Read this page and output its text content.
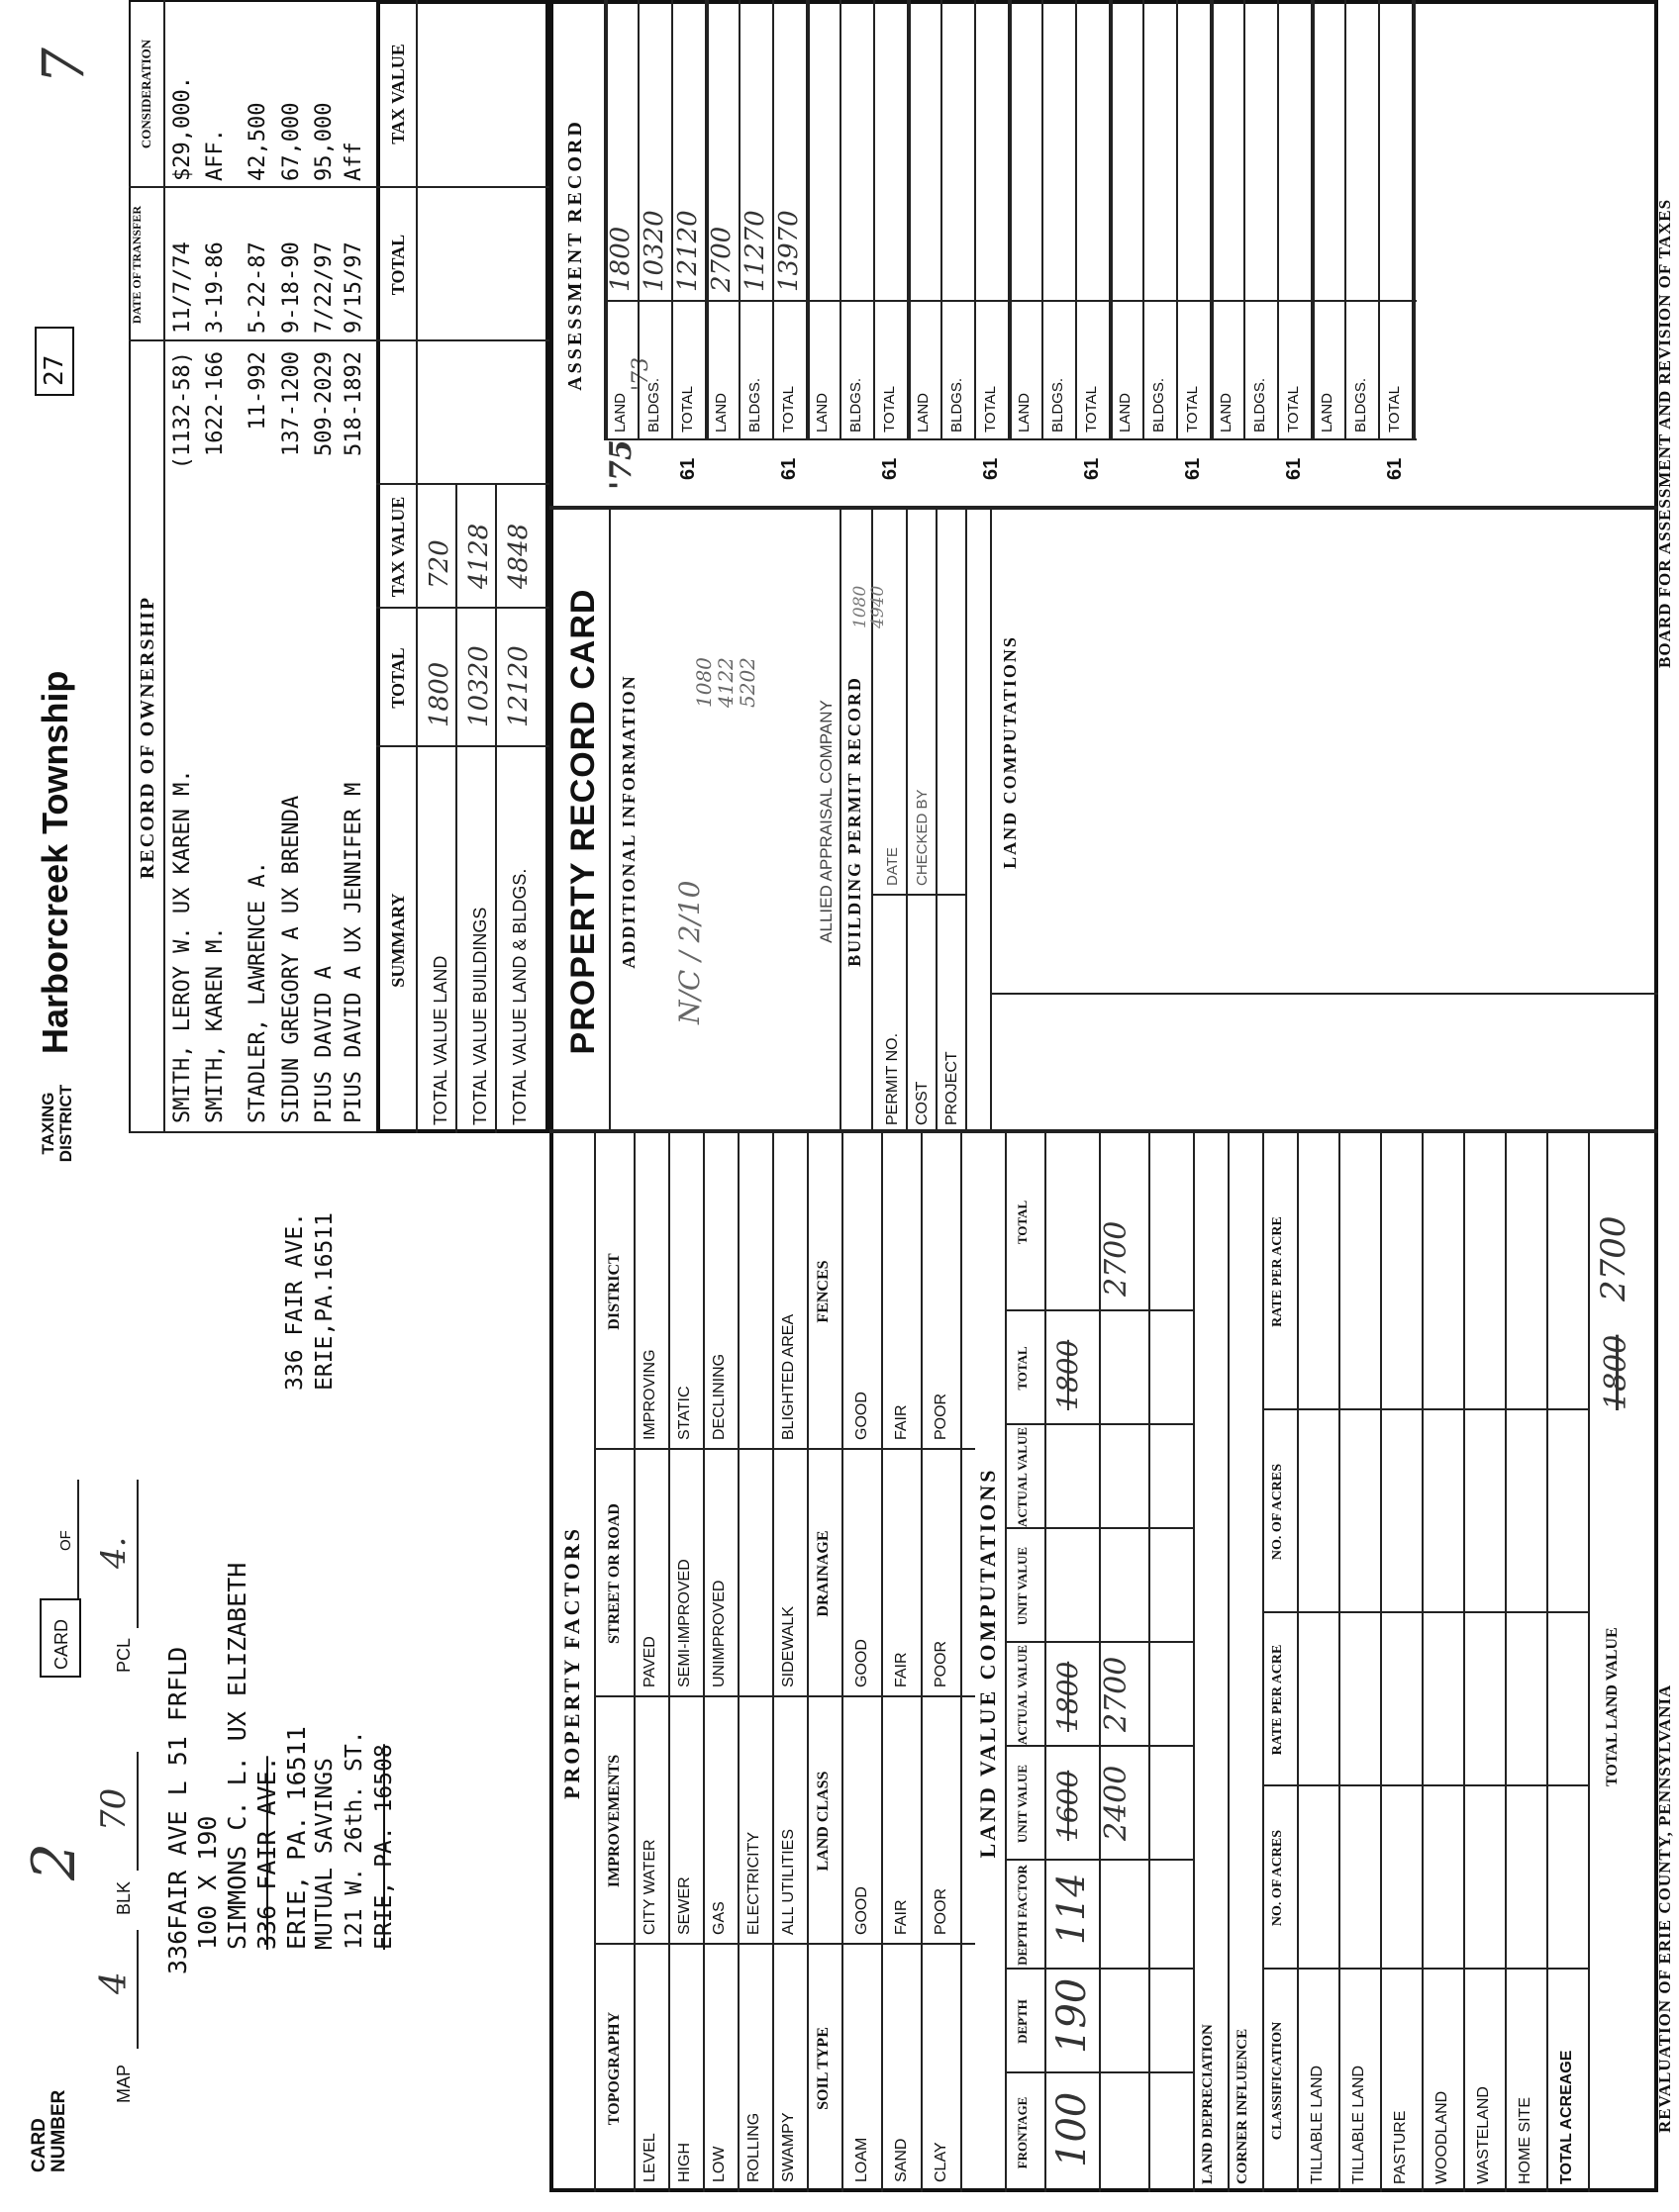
CARD NUMBER
2
CARD
OF
TAXING DISTRICT
Harborcreek Township
27
7
MAP
4
BLK
70
PCL
4.
336FAIR AVE L 51 FRFLD 100 X 190 SIMMONS C. L. UX ELIZABETH 336 FAIR AVE. ERIE, PA. 16511 MUTUAL SAVINGS 121 W. 26th. ST. ERIE, PA. 16508
336 FAIR AVE. ERIE,PA.16511
RECORD OF OWNERSHIP
DATE OF TRANSFER
CONSIDERATION
SUMMARY
TOTAL
TAX VALUE
TOTAL
TAX VALUE
PROPERTY FACTORS	LAND VALUE COMPUTATIONS
PROPERTY RECORD CARD ADDITIONAL INFORMATION N/C / 2/10
ALLIED APPRAISAL COMPANY BUILDING PERMIT RECORD
PERMIT NO. COST PROJECT
DATE CHECKED BY
1080
4940
1080
4122
5202	LAND COMPUTATIONS
ASSESSMENT RECORD
'75
'73
REVALUATION OF ERIE COUNTY, PENNSYLVANIA
BOARD FOR ASSESSMENT AND REVISION OF TAXES
SMITH, LEROY W. UX KAREN M.
(1132-58)
11/7/74
$29,000.
SMITH, KAREN M.
1622-166
3-19-86
AFF.
STADLER, LAWRENCE A.
11-992
5-22-87
42,500
SIDUN GREGORY A UX BRENDA
137-1200
9-18-90
67,000
PIUS DAVID A
509-2029
7/22/97
95,000
PIUS DAVID A UX JENNIFER M
518-1892
9/15/97
Aff
TOTAL VALUE LAND
1800
720
TOTAL VALUE BUILDINGS
10320
4128
TOTAL VALUE LAND & BLDGS.
12120
4848
TOPOGRAPHY
IMPROVEMENTS
STREET OR ROAD
DISTRICT
LEVEL
CITY WATER
PAVED
IMPROVING
HIGH
SEWER
SEMI-IMPROVED
STATIC
LOW
GAS
UNIMPROVED
DECLINING
ROLLING
ELECTRICITY
SWAMPY
ALL UTILITIES
SIDEWALK
BLIGHTED AREA
SOIL TYPE
LAND CLASS
DRAINAGE
FENCES
LOAM
GOOD
GOOD
GOOD
SAND
FAIR
FAIR
FAIR
CLAY
POOR
POOR
POOR
FRONTAGE
DEPTH
DEPTH FACTOR
UNIT VALUE
ACTUAL VALUE
UNIT VALUE
ACTUAL VALUE
TOTAL
TOTAL
100
190
114
1600
1800
2400
2700
1800
2700
LAND DEPRECIATION CORNER INFLUENCE CLASSIFICATION
NO. OF ACRES
RATE PER ACRE
NO. OF ACRES
RATE PER ACRE
TILLABLE LAND TILLABLE LAND PASTURE WOODLAND WASTELAND HOME SITE TOTAL ACREAGE
TOTAL LAND VALUE
1800
2700
LAND BLDGS. TOTAL
1800 10320 12120
61
LAND BLDGS. TOTAL
2700 11270 13970
61
LAND BLDGS. TOTAL
61
LAND BLDGS. TOTAL
61
LAND BLDGS. TOTAL
61
LAND BLDGS. TOTAL
61
LAND BLDGS. TOTAL
61
LAND BLDGS. TOTAL
61
